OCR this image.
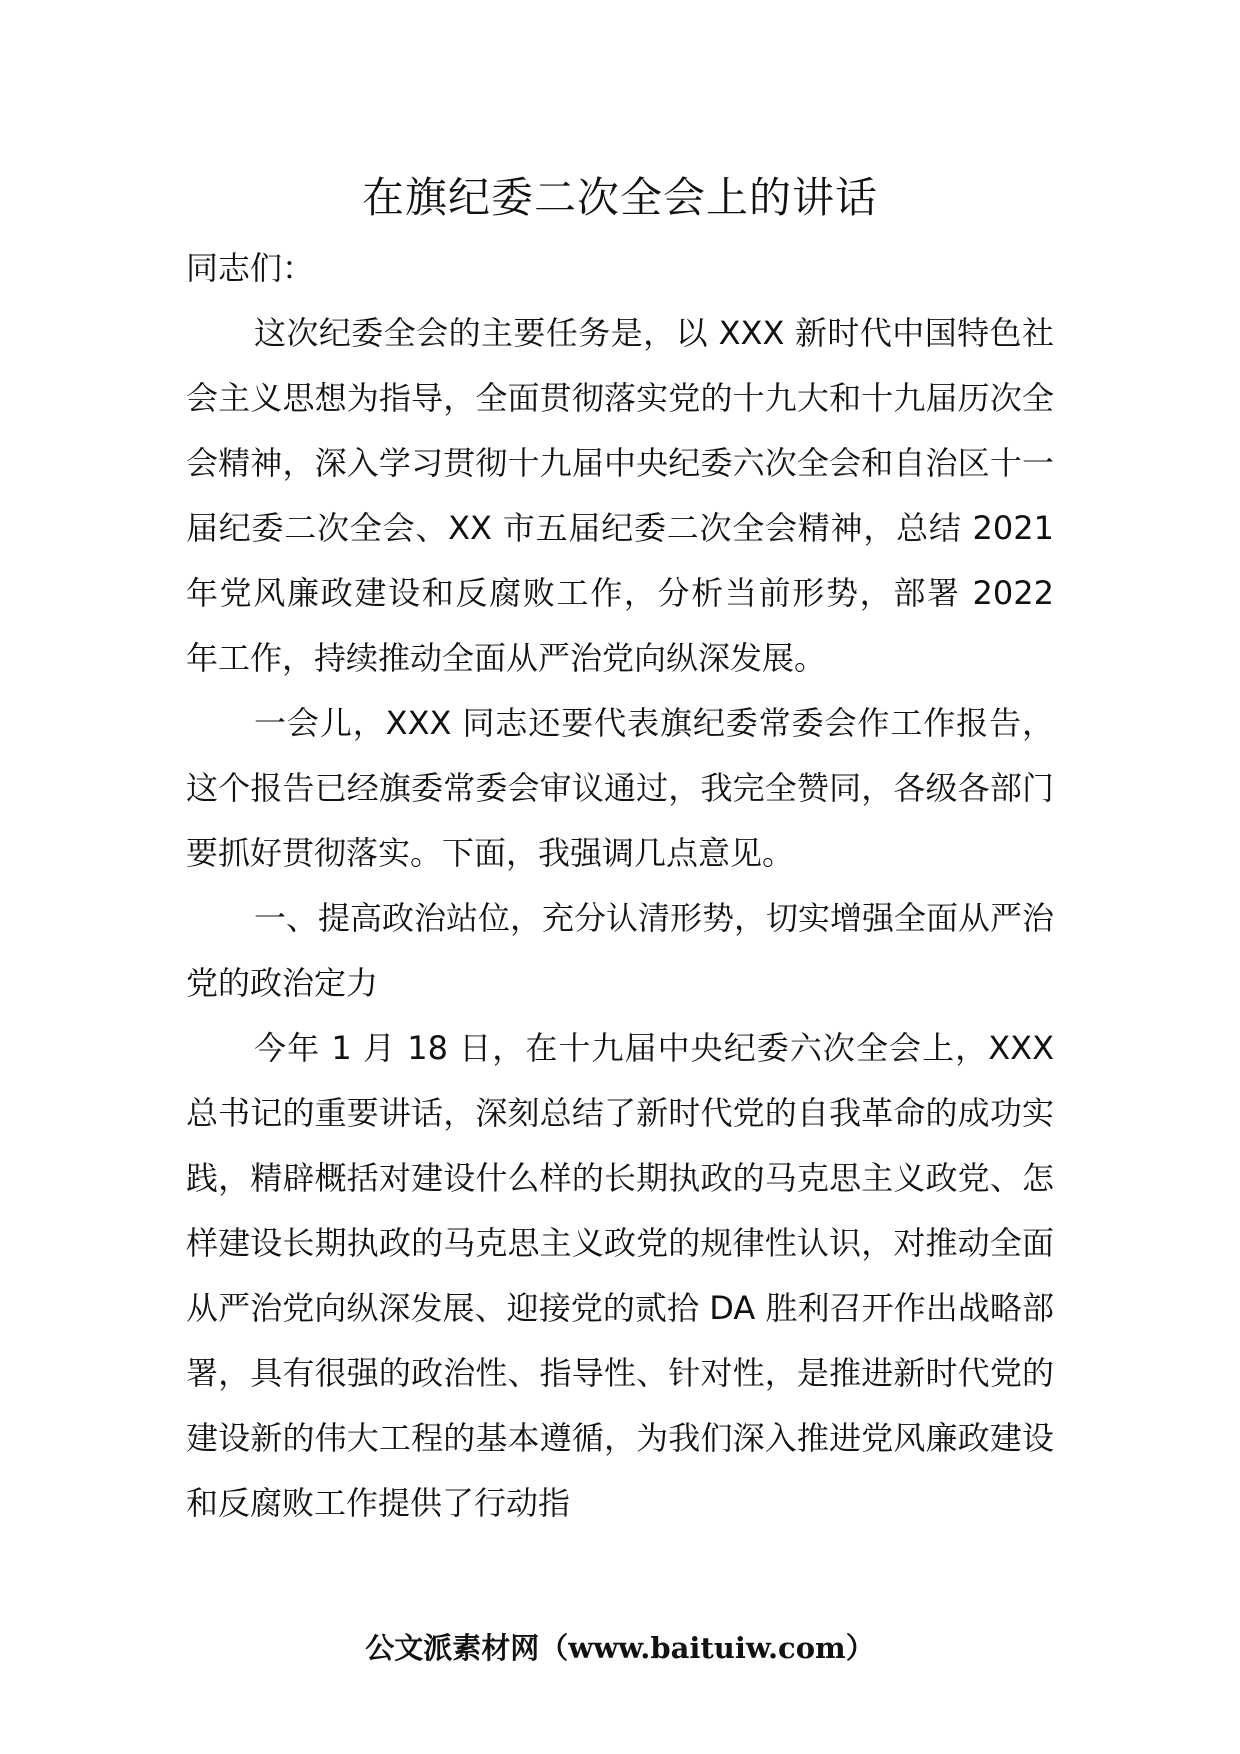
在旗纪委二次全会上的讲话

同志们：

这次纪委全会的主要任务是，以 XXX 新时代中国特色社会主义思想为指导，全面贯彻落实党的十九大和十九届历次全会精神，深入学习贯彻十九届中央纪委六次全会和自治区十一届纪委二次全会、XX 市五届纪委二次全会精神，总结 2021 年党风廉政建设和反腐败工作，分析当前形势，部署 2022 年工作，持续推动全面从严治党向纵深发展。

一会儿，XXX 同志还要代表旗纪委常委会作工作报告，这个报告已经旗委常委会审议通过，我完全赞同，各级各部门要抓好贯彻落实。下面，我强调几点意见。

一、提高政治站位，充分认清形势，切实增强全面从严治党的政治定力

今年 1 月 18 日，在十九届中央纪委六次全会上，XXX 总书记的重要讲话，深刻总结了新时代党的自我革命的成功实践，精辟概括对建设什么样的长期执政的马克思主义政党、怎样建设长期执政的马克思主义政党的规律性认识，对推动全面从严治党向纵深发展、迎接党的贰拾 DA 胜利召开作出战略部署，具有很强的政治性、指导性、针对性，是推进新时代党的建设新的伟大工程的基本遵循，为我们深入推进党风廉政建设和反腐败工作提供了行动指

公文派素材网（www.baituiw.com）
